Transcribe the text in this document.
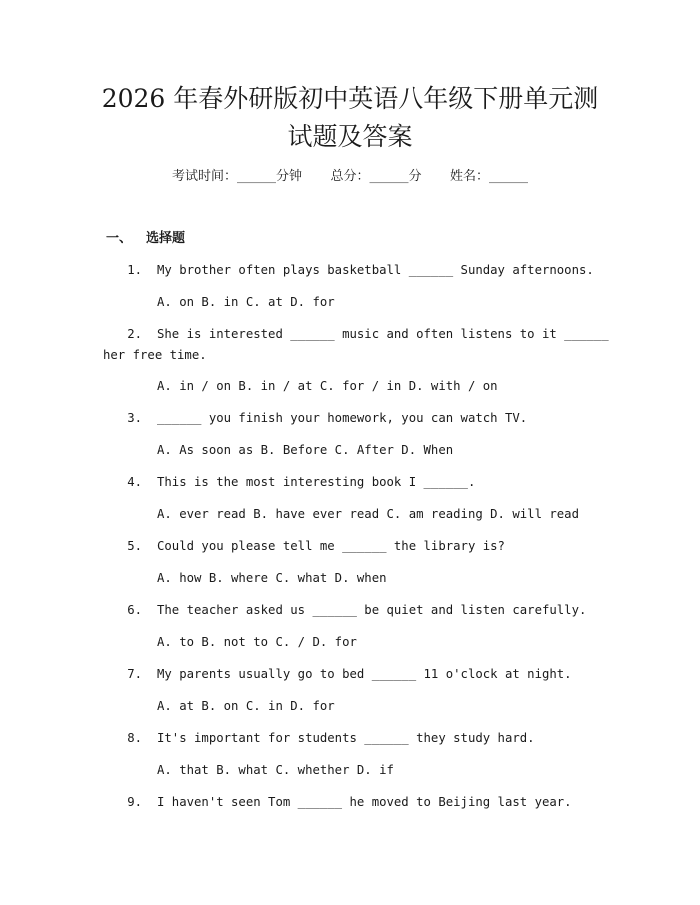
2026 年春外研版初中英语八年级下册单元测
试题及答案
考试时间：______分钟 总分：______分 姓名：______
一、 选择题
1. My brother often plays basketball ______ Sunday afternoons.
A. on B. in C. at D. for
2. She is interested ______ music and often listens to it ______
her free time.
A. in / on B. in / at C. for / in D. with / on
3. ______ you finish your homework, you can watch TV.
A. As soon as B. Before C. After D. When
4. This is the most interesting book I ______.
A. ever read B. have ever read C. am reading D. will read
5. Could you please tell me ______ the library is?
A. how B. where C. what D. when
6. The teacher asked us ______ be quiet and listen carefully.
A. to B. not to C. / D. for
7. My parents usually go to bed ______ 11 o'clock at night.
A. at B. on C. in D. for
8. It's important for students ______ they study hard.
A. that B. what C. whether D. if
9. I haven't seen Tom ______ he moved to Beijing last year.
